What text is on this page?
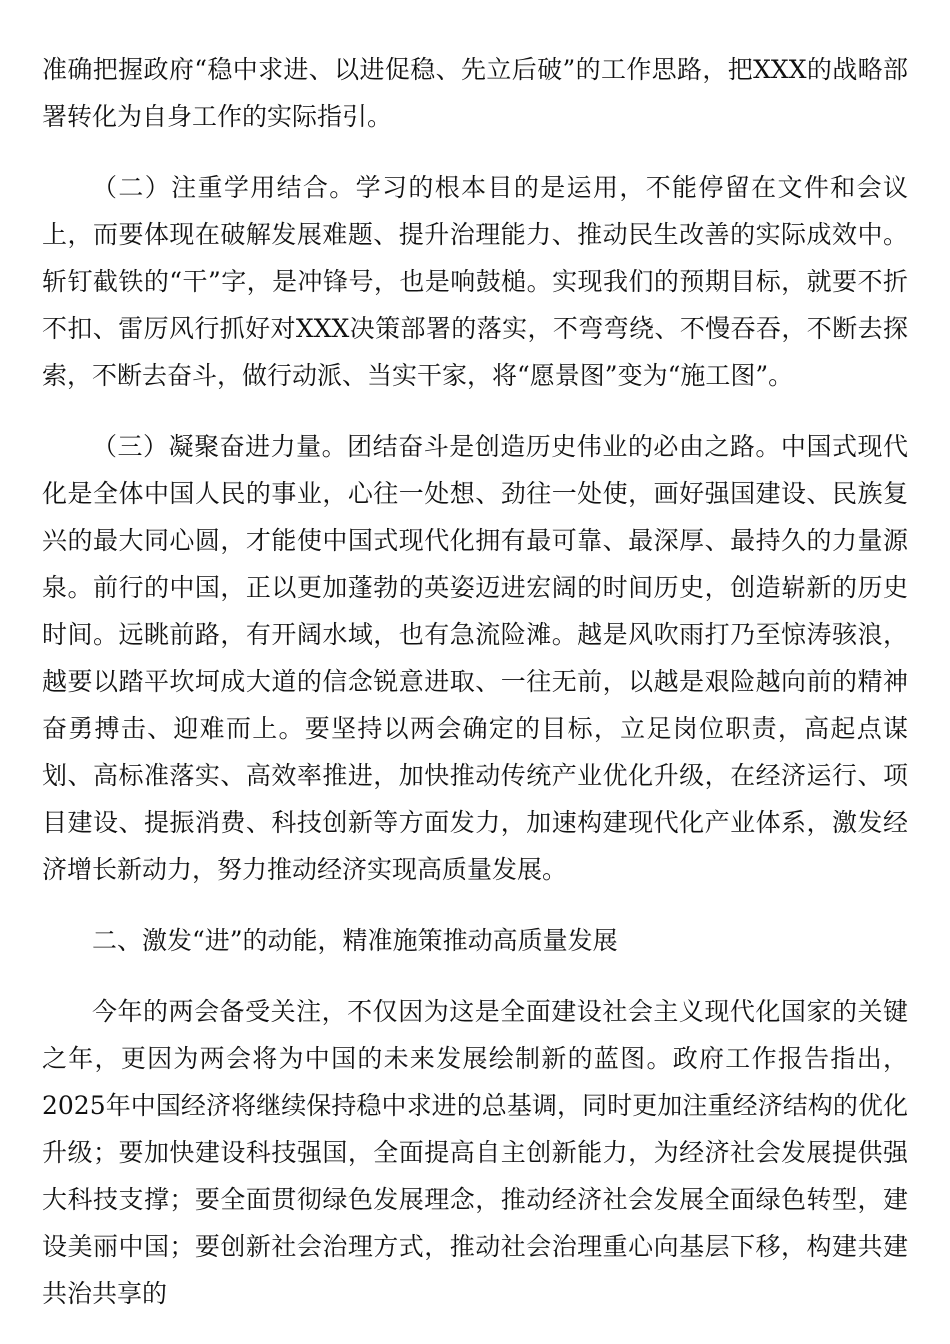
准确把握政府“稳中求进、以进促稳、先立后破”的工作思路，把XXX的战略部署转化为自身工作的实际指引。

（二）注重学用结合。学习的根本目的是运用，不能停留在文件和会议上，而要体现在破解发展难题、提升治理能力、推动民生改善的实际成效中。斩钉截铁的“干”字，是冲锋号，也是响鼓槌。实现我们的预期目标，就要不折不扣、雷厉风行抓好对XXX决策部署的落实，不弯弯绕、不慢吞吞，不断去探索，不断去奋斗，做行动派、当实干家，将“愿景图”变为“施工图”。

（三）凝聚奋进力量。团结奋斗是创造历史伟业的必由之路。中国式现代化是全体中国人民的事业，心往一处想、劲往一处使，画好强国建设、民族复兴的最大同心圆，才能使中国式现代化拥有最可靠、最深厚、最持久的力量源泉。前行的中国，正以更加蓬勃的英姿迈进宏阔的时间历史，创造崭新的历史时间。远眺前路，有开阔水域，也有急流险滩。越是风吹雨打乃至惊涛骇浪，越要以踏平坎坷成大道的信念锐意进取、一往无前，以越是艰险越向前的精神奋勇搏击、迎难而上。要坚持以两会确定的目标，立足岗位职责，高起点谋划、高标准落实、高效率推进，加快推动传统产业优化升级，在经济运行、项目建设、提振消费、科技创新等方面发力，加速构建现代化产业体系，激发经济增长新动力，努力推动经济实现高质量发展。

二、激发“进”的动能，精准施策推动高质量发展

今年的两会备受关注，不仅因为这是全面建设社会主义现代化国家的关键之年，更因为两会将为中国的未来发展绘制新的蓝图。政府工作报告指出，2025年中国经济将继续保持稳中求进的总基调，同时更加注重经济结构的优化升级；要加快建设科技强国，全面提高自主创新能力，为经济社会发展提供强大科技支撑；要全面贯彻绿色发展理念，推动经济社会发展全面绿色转型，建设美丽中国；要创新社会治理方式，推动社会治理重心向基层下移，构建共建共治共享的
